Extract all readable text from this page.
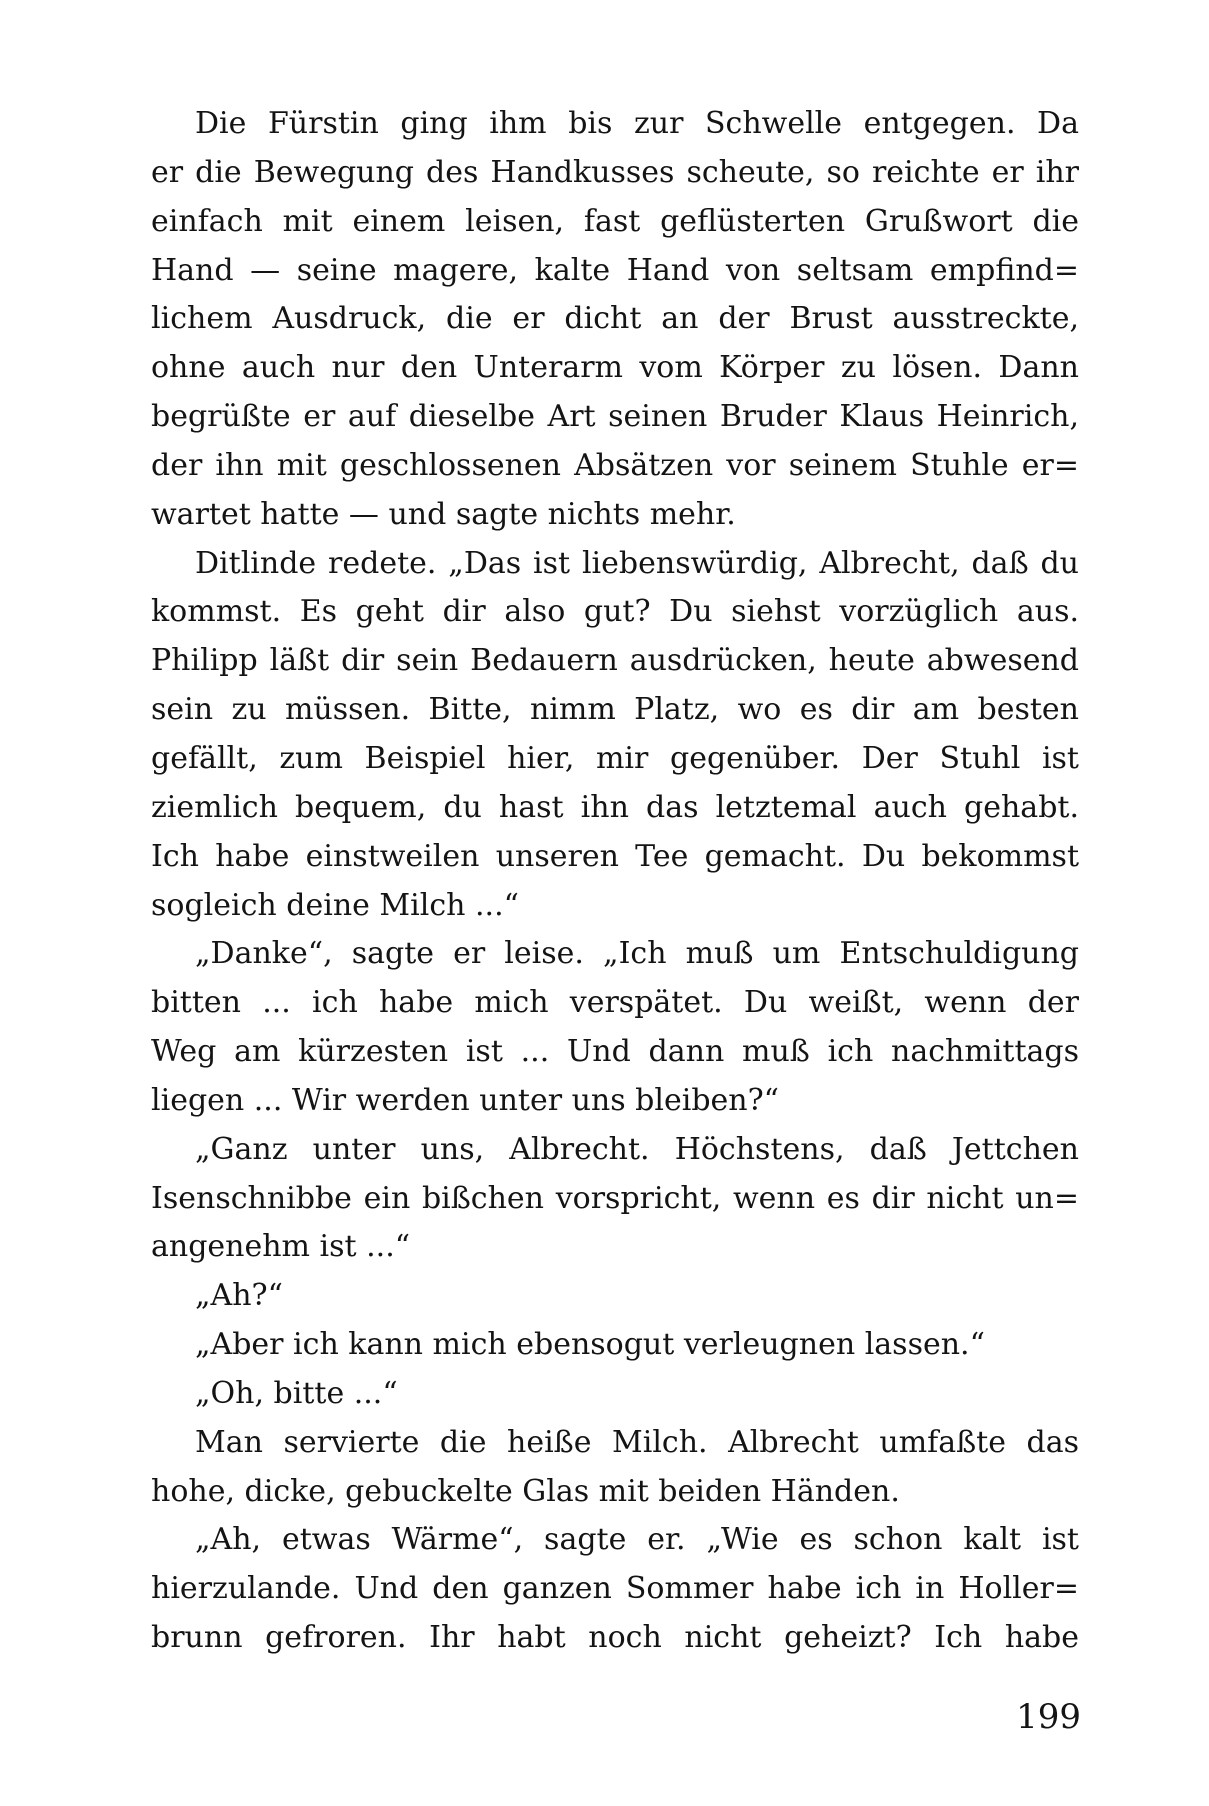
Die Fürstin ging ihm bis zur Schwelle entgegen. Da
er die Bewegung des Handkusses scheute, so reichte er ihr
einfach mit einem leisen, fast geflüsterten Grußwort die
Hand — seine magere, kalte Hand von seltsam empfind=
lichem Ausdruck, die er dicht an der Brust ausstreckte,
ohne auch nur den Unterarm vom Körper zu lösen. Dann
begrüßte er auf dieselbe Art seinen Bruder Klaus Heinrich,
der ihn mit geschlossenen Absätzen vor seinem Stuhle er=
wartet hatte — und sagte nichts mehr.
Ditlinde redete. „Das ist liebenswürdig, Albrecht, daß du
kommst. Es geht dir also gut? Du siehst vorzüglich aus.
Philipp läßt dir sein Bedauern ausdrücken, heute abwesend
sein zu müssen. Bitte, nimm Platz, wo es dir am besten
gefällt, zum Beispiel hier, mir gegenüber. Der Stuhl ist
ziemlich bequem, du hast ihn das letztemal auch gehabt.
Ich habe einstweilen unseren Tee gemacht. Du bekommst
sogleich deine Milch ...“
„Danke“, sagte er leise. „Ich muß um Entschuldigung
bitten ... ich habe mich verspätet. Du weißt, wenn der
Weg am kürzesten ist ... Und dann muß ich nachmittags
liegen ... Wir werden unter uns bleiben?“
„Ganz unter uns, Albrecht. Höchstens, daß Jettchen
Isenschnibbe ein bißchen vorspricht, wenn es dir nicht un=
angenehm ist ...“
„Ah?“
„Aber ich kann mich ebensogut verleugnen lassen.“
„Oh, bitte ...“
Man servierte die heiße Milch. Albrecht umfaßte das
hohe, dicke, gebuckelte Glas mit beiden Händen.
„Ah, etwas Wärme“, sagte er. „Wie es schon kalt ist
hierzulande. Und den ganzen Sommer habe ich in Holler=
brunn gefroren. Ihr habt noch nicht geheizt? Ich habe
199
